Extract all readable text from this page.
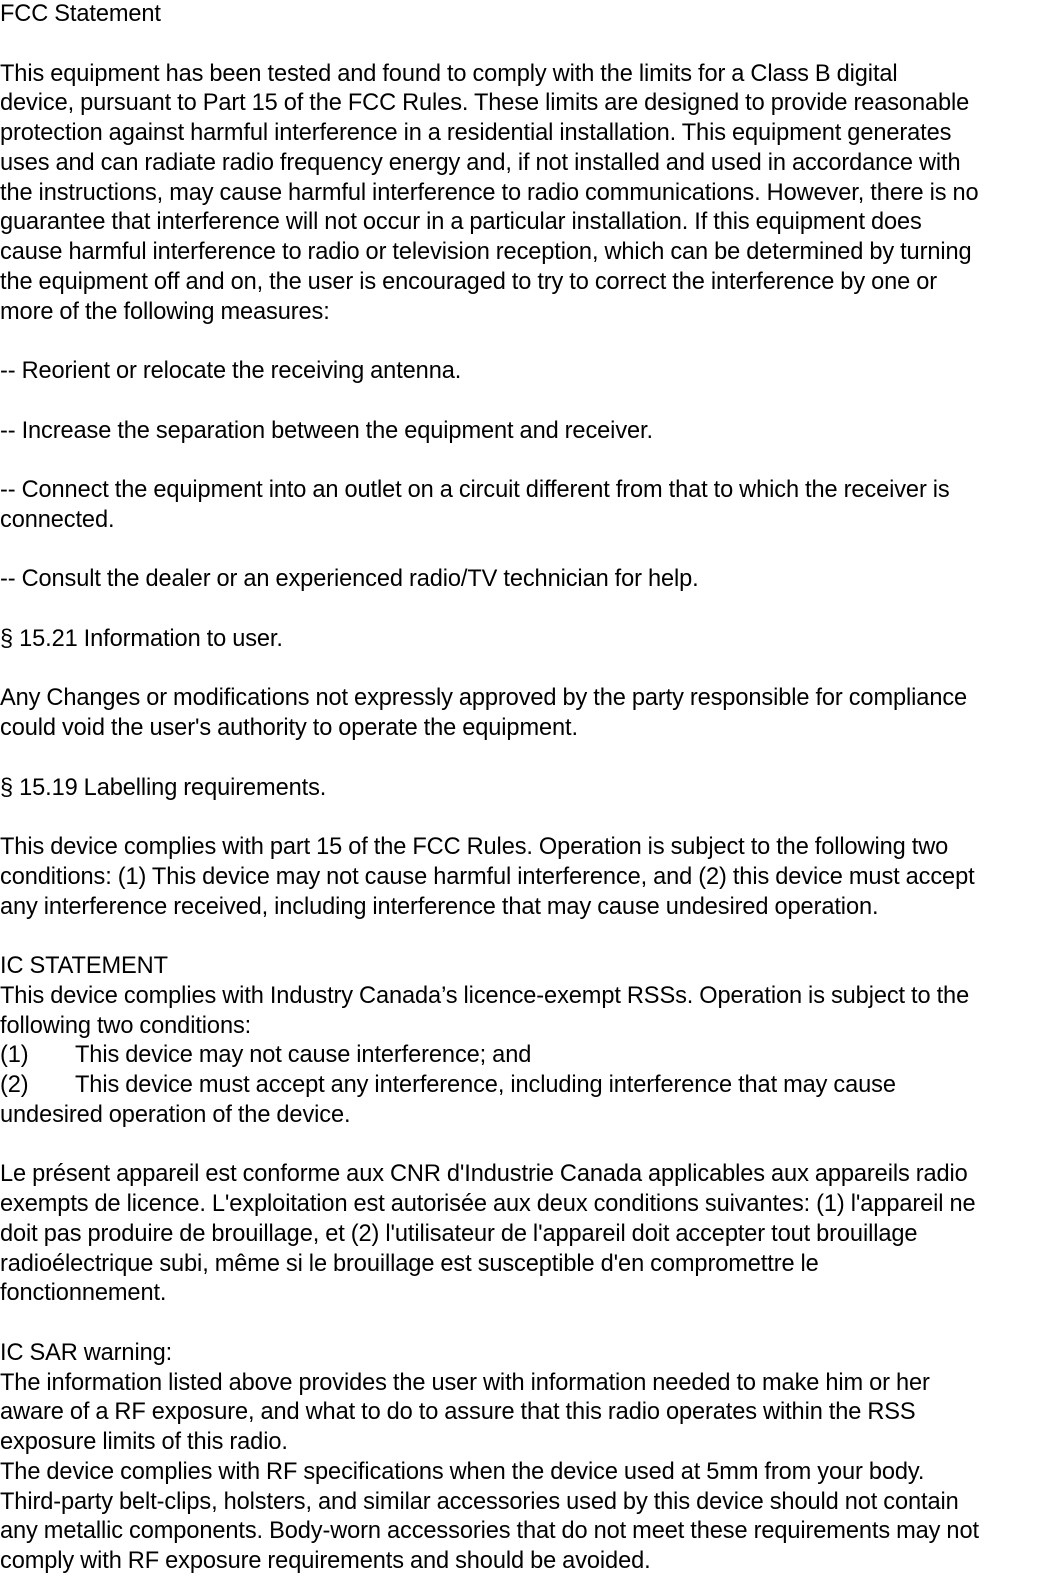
FCC Statement
This equipment has been tested and found to comply with the limits for a Class B digital
device, pursuant to Part 15 of the FCC Rules. These limits are designed to provide reasonable
protection against harmful interference in a residential installation. This equipment generates
uses and can radiate radio frequency energy and, if not installed and used in accordance with
the instructions, may cause harmful interference to radio communications. However, there is no
guarantee that interference will not occur in a particular installation. If this equipment does
cause harmful interference to radio or television reception, which can be determined by turning
the equipment off and on, the user is encouraged to try to correct the interference by one or
more of the following measures:
-- Reorient or relocate the receiving antenna.
-- Increase the separation between the equipment and receiver.
-- Connect the equipment into an outlet on a circuit different from that to which the receiver is
connected.
-- Consult the dealer or an experienced radio/TV technician for help.
§ 15.21 Information to user.
Any Changes or modifications not expressly approved by the party responsible for compliance
could void the user's authority to operate the equipment.
§ 15.19 Labelling requirements.
This device complies with part 15 of the FCC Rules. Operation is subject to the following two
conditions: (1) This device may not cause harmful interference, and (2) this device must accept
any interference received, including interference that may cause undesired operation.
IC STATEMENT
This device complies with Industry Canada’s licence-exempt RSSs. Operation is subject to the
following two conditions:
(1) This device may not cause interference; and
(2) This device must accept any interference, including interference that may cause
undesired operation of the device.
Le présent appareil est conforme aux CNR d'Industrie Canada applicables aux appareils radio
exempts de licence. L'exploitation est autorisée aux deux conditions suivantes: (1) l'appareil ne
doit pas produire de brouillage, et (2) l'utilisateur de l'appareil doit accepter tout brouillage
radioélectrique subi, même si le brouillage est susceptible d'en compromettre le
fonctionnement.
IC SAR warning:
The information listed above provides the user with information needed to make him or her
aware of a RF exposure, and what to do to assure that this radio operates within the RSS
exposure limits of this radio.
The device complies with RF specifications when the device used at 5mm from your body.
Third-party belt-clips, holsters, and similar accessories used by this device should not contain
any metallic components. Body-worn accessories that do not meet these requirements may not
comply with RF exposure requirements and should be avoided.
